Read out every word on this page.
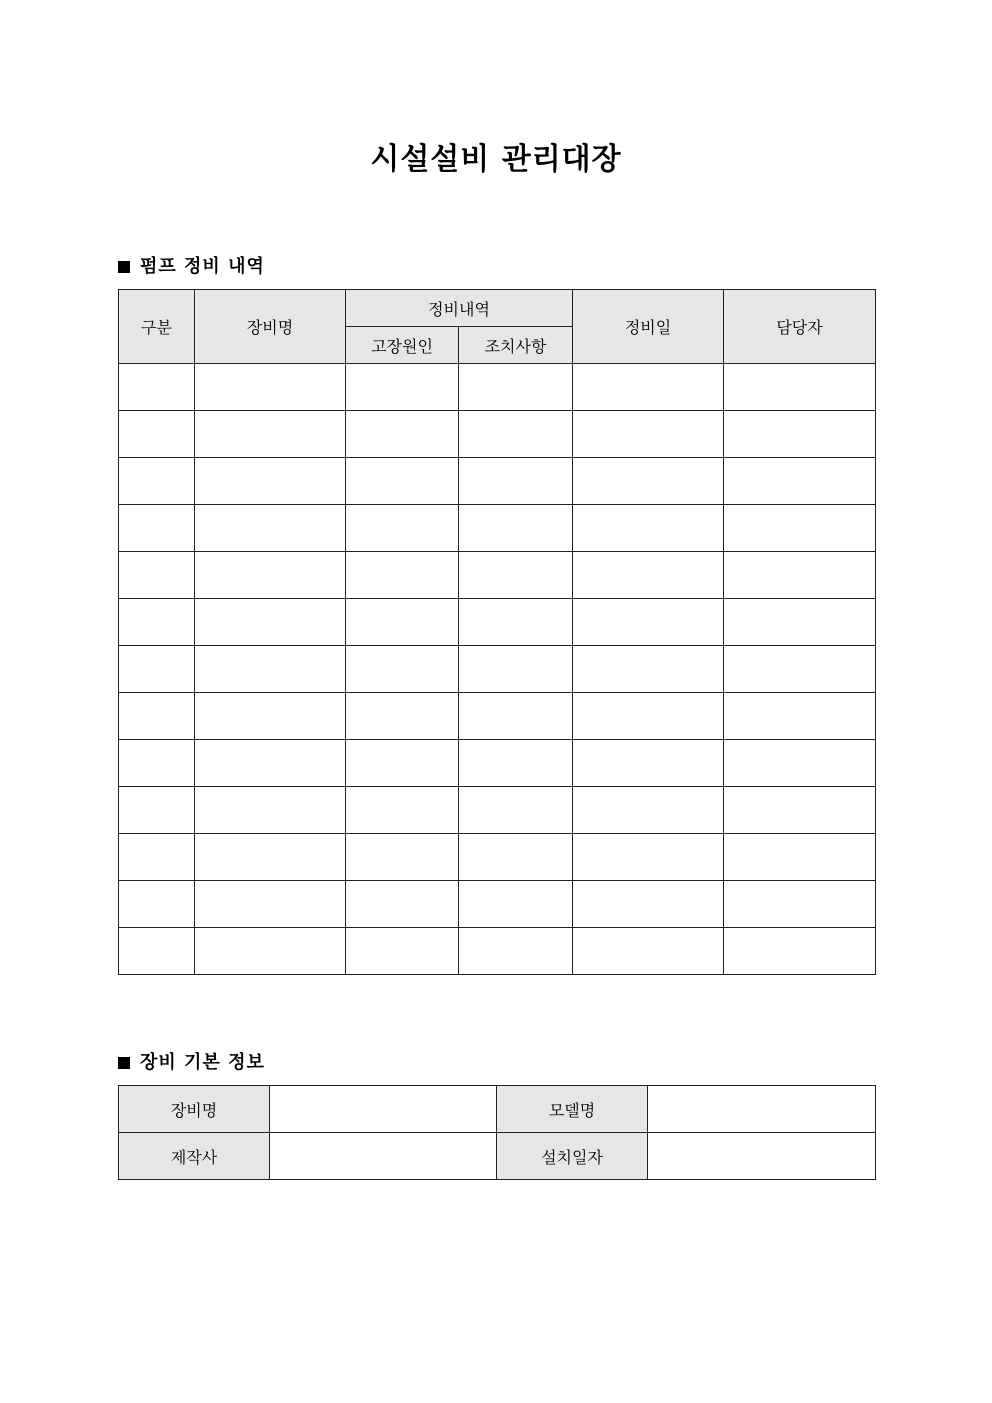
시설설비 관리대장
펌프 정비 내역
구분	장비명	정비내역		정비일	담당자
		고장원인	조치사항		

장비 기본 정보
장비명		모델명	
제작사		설치일자	
